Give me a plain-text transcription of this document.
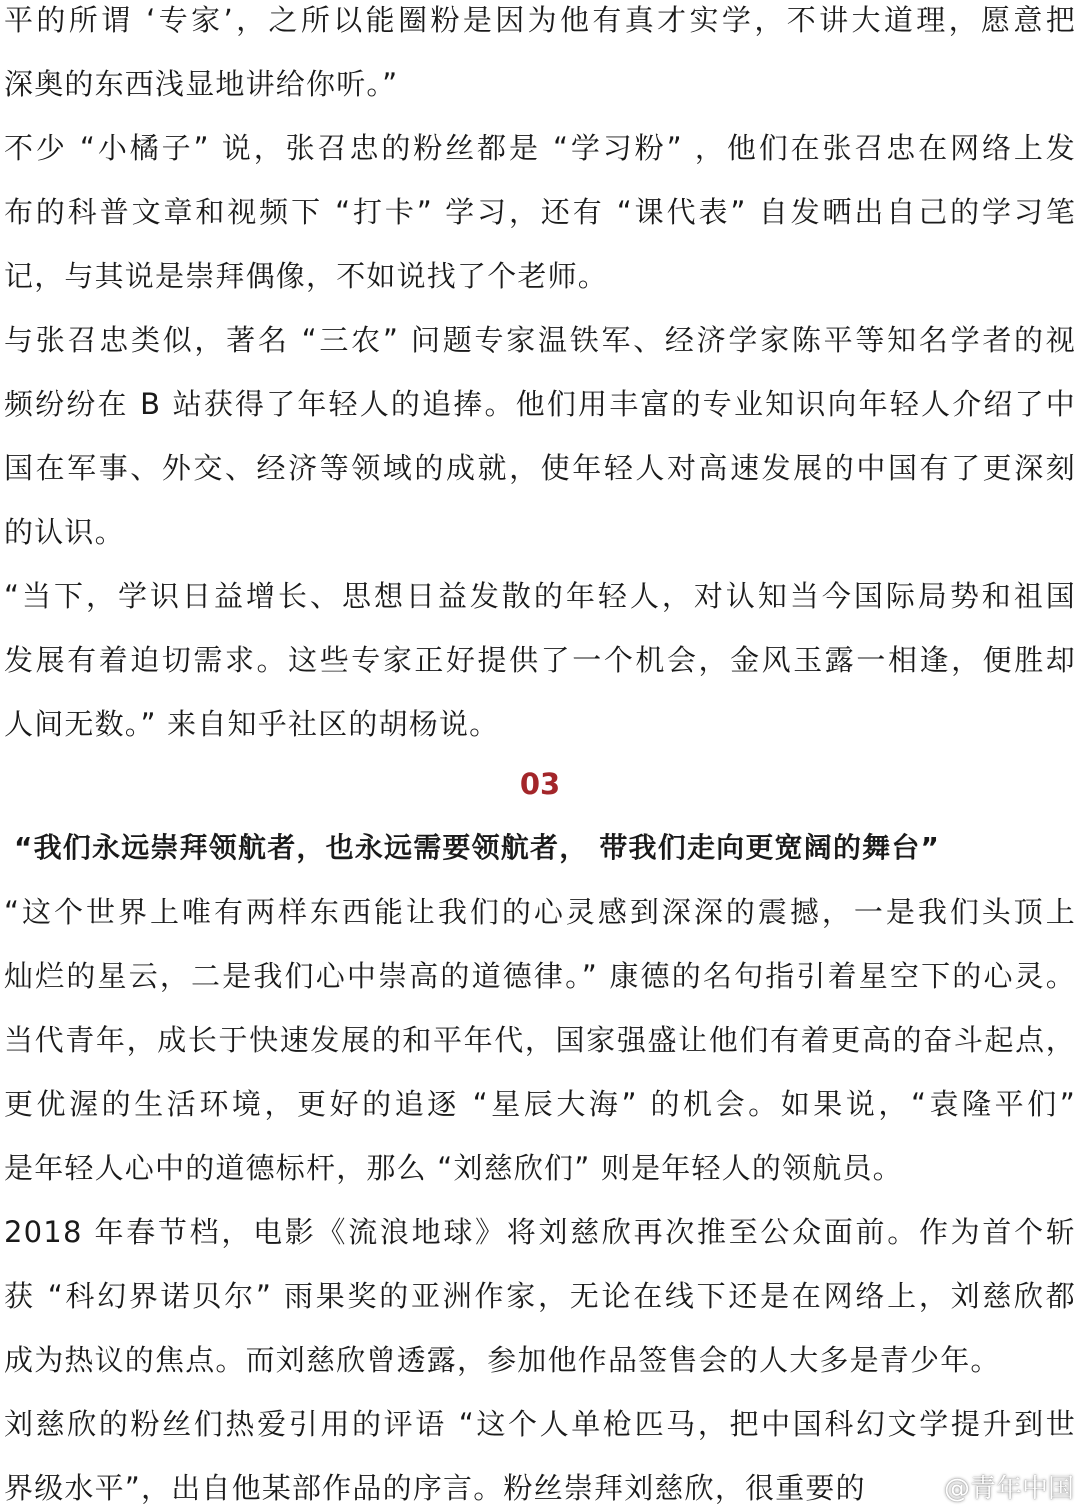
平的所谓 ‘专家’，之所以能圈粉是因为他有真才实学，不讲大道理，愿意把
深奥的东西浅显地讲给你听。”
不少 “小橘子” 说，张召忠的粉丝都是 “学习粉” ，他们在张召忠在网络上发
布的科普文章和视频下 “打卡” 学习，还有 “课代表” 自发晒出自己的学习笔
记，与其说是崇拜偶像，不如说找了个老师。
与张召忠类似，著名 “三农” 问题专家温铁军、经济学家陈平等知名学者的视
频纷纷在 B 站获得了年轻人的追捧。他们用丰富的专业知识向年轻人介绍了中
国在军事、外交、经济等领域的成就，使年轻人对高速发展的中国有了更深刻
的认识。
“当下，学识日益增长、思想日益发散的年轻人，对认知当今国际局势和祖国
发展有着迫切需求。这些专家正好提供了一个机会，金风玉露一相逢，便胜却
人间无数。” 来自知乎社区的胡杨说。
03
“我们永远崇拜领航者，也永远需要领航者， 带我们走向更宽阔的舞台”
“这个世界上唯有两样东西能让我们的心灵感到深深的震撼，一是我们头顶上
灿烂的星云，二是我们心中崇高的道德律。” 康德的名句指引着星空下的心灵。
当代青年，成长于快速发展的和平年代，国家强盛让他们有着更高的奋斗起点，
更优渥的生活环境，更好的追逐 “星辰大海” 的机会。如果说，“袁隆平们”
是年轻人心中的道德标杆，那么 “刘慈欣们” 则是年轻人的领航员。
2018 年春节档，电影《流浪地球》将刘慈欣再次推至公众面前。作为首个斩
获 “科幻界诺贝尔” 雨果奖的亚洲作家，无论在线下还是在网络上，刘慈欣都
成为热议的焦点。而刘慈欣曾透露，参加他作品签售会的人大多是青少年。
刘慈欣的粉丝们热爱引用的评语 “这个人单枪匹马，把中国科幻文学提升到世
界级水平”，出自他某部作品的序言。粉丝崇拜刘慈欣，很重要的	@青年中国
